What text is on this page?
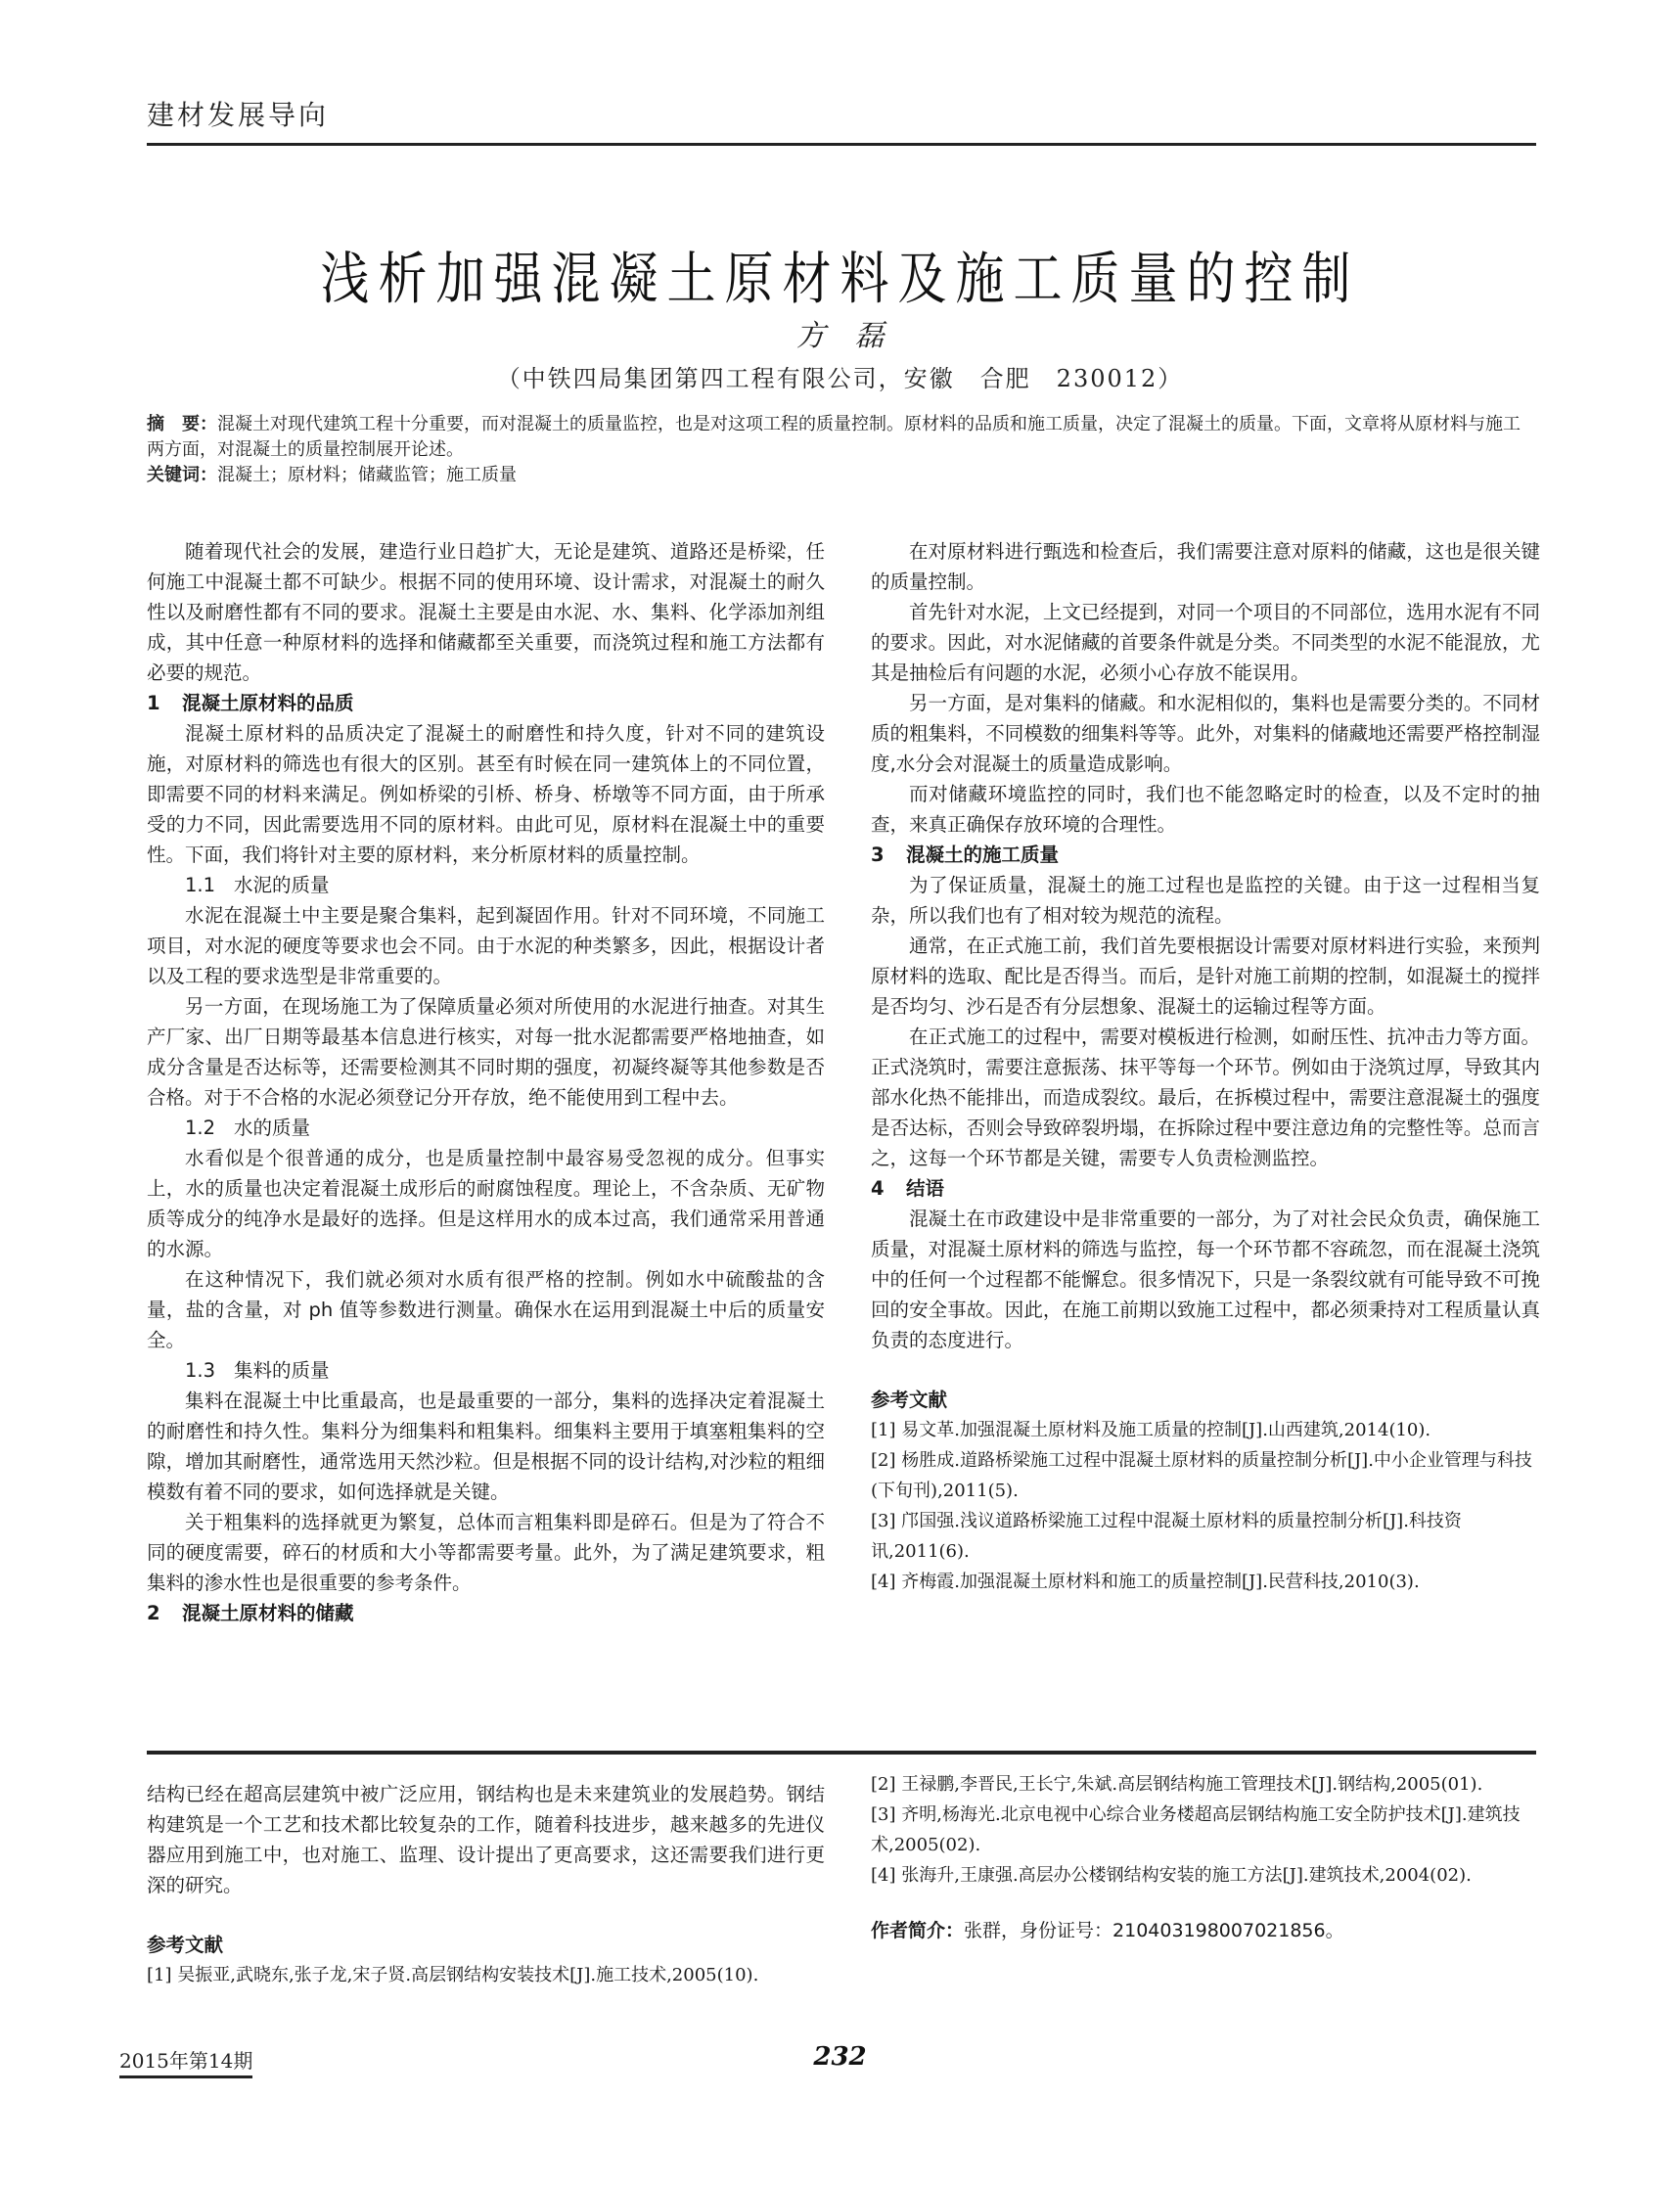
建材发展导向
浅析加强混凝土原材料及施工质量的控制
方磊
（中铁四局集团第四工程有限公司，安徽　合肥　230012）
摘　要：混凝土对现代建筑工程十分重要，而对混凝土的质量监控，也是对这项工程的质量控制。原材料的品质和施工质量，决定了混凝土的质量。下面，文章将从原材料与施工两方面，对混凝土的质量控制展开论述。
关键词：混凝土；原材料；储藏监管；施工质量

随着现代社会的发展，建造行业日趋扩大，无论是建筑、道路还是桥梁，任何施工中混凝土都不可缺少。根据不同的使用环境、设计需求，对混凝土的耐久性以及耐磨性都有不同的要求。混凝土主要是由水泥、水、集料、化学添加剂组成，其中任意一种原材料的选择和储藏都至关重要，而浇筑过程和施工方法都有必要的规范。

1 混凝土原材料的品质

混凝土原材料的品质决定了混凝土的耐磨性和持久度，针对不同的建筑设施，对原材料的筛选也有很大的区别。甚至有时候在同一建筑体上的不同位置，即需要不同的材料来满足。例如桥梁的引桥、桥身、桥墩等不同方面，由于所承受的力不同，因此需要选用不同的原材料。由此可见，原材料在混凝土中的重要性。下面，我们将针对主要的原材料，来分析原材料的质量控制。

1.1 水泥的质量

水泥在混凝土中主要是聚合集料，起到凝固作用。针对不同环境，不同施工项目，对水泥的硬度等要求也会不同。由于水泥的种类繁多，因此，根据设计者以及工程的要求选型是非常重要的。

另一方面，在现场施工为了保障质量必须对所使用的水泥进行抽查。对其生产厂家、出厂日期等最基本信息进行核实，对每一批水泥都需要严格地抽查，如成分含量是否达标等，还需要检测其不同时期的强度，初凝终凝等其他参数是否合格。对于不合格的水泥必须登记分开存放，绝不能使用到工程中去。

1.2 水的质量

水看似是个很普通的成分，也是质量控制中最容易受忽视的成分。但事实上，水的质量也决定着混凝土成形后的耐腐蚀程度。理论上，不含杂质、无矿物质等成分的纯净水是最好的选择。但是这样用水的成本过高，我们通常采用普通的水源。

在这种情况下，我们就必须对水质有很严格的控制。例如水中硫酸盐的含量，盐的含量，对 ph 值等参数进行测量。确保水在运用到混凝土中后的质量安全。

1.3 集料的质量

集料在混凝土中比重最高，也是最重要的一部分，集料的选择决定着混凝土的耐磨性和持久性。集料分为细集料和粗集料。细集料主要用于填塞粗集料的空隙，增加其耐磨性，通常选用天然沙粒。但是根据不同的设计结构,对沙粒的粗细模数有着不同的要求，如何选择就是关键。

关于粗集料的选择就更为繁复，总体而言粗集料即是碎石。但是为了符合不同的硬度需要，碎石的材质和大小等都需要考量。此外，为了满足建筑要求，粗集料的渗水性也是很重要的参考条件。

2 混凝土原材料的储藏

在对原材料进行甄选和检查后，我们需要注意对原料的储藏，这也是很关键的质量控制。

首先针对水泥，上文已经提到，对同一个项目的不同部位，选用水泥有不同的要求。因此，对水泥储藏的首要条件就是分类。不同类型的水泥不能混放，尤其是抽检后有问题的水泥，必须小心存放不能误用。

另一方面，是对集料的储藏。和水泥相似的，集料也是需要分类的。不同材质的粗集料，不同模数的细集料等等。此外，对集料的储藏地还需要严格控制湿度,水分会对混凝土的质量造成影响。

而对储藏环境监控的同时，我们也不能忽略定时的检查，以及不定时的抽查，来真正确保存放环境的合理性。

3 混凝土的施工质量

为了保证质量，混凝土的施工过程也是监控的关键。由于这一过程相当复杂，所以我们也有了相对较为规范的流程。

通常，在正式施工前，我们首先要根据设计需要对原材料进行实验，来预判原材料的选取、配比是否得当。而后，是针对施工前期的控制，如混凝土的搅拌是否均匀、沙石是否有分层想象、混凝土的运输过程等方面。

在正式施工的过程中，需要对模板进行检测，如耐压性、抗冲击力等方面。正式浇筑时，需要注意振荡、抹平等每一个环节。例如由于浇筑过厚，导致其内部水化热不能排出，而造成裂纹。最后，在拆模过程中，需要注意混凝土的强度是否达标，否则会导致碎裂坍塌，在拆除过程中要注意边角的完整性等。总而言之，这每一个环节都是关键，需要专人负责检测监控。

4 结语

混凝土在市政建设中是非常重要的一部分，为了对社会民众负责，确保施工质量，对混凝土原材料的筛选与监控，每一个环节都不容疏忽，而在混凝土浇筑中的任何一个过程都不能懈怠。很多情况下，只是一条裂纹就有可能导致不可挽回的安全事故。因此，在施工前期以致施工过程中，都必须秉持对工程质量认真负责的态度进行。

参考文献

[1] 易文革.加强混凝土原材料及施工质量的控制[J].山西建筑,2014(10).

[2] 杨胜成.道路桥梁施工过程中混凝土原材料的质量控制分析[J].中小企业管理与科技(下旬刊),2011(5).

[3] 邝国强.浅议道路桥梁施工过程中混凝土原材料的质量控制分析[J].科技资讯,2011(6).

[4] 齐梅霞.加强混凝土原材料和施工的质量控制[J].民营科技,2010(3).

结构已经在超高层建筑中被广泛应用，钢结构也是未来建筑业的发展趋势。钢结构建筑是一个工艺和技术都比较复杂的工作，随着科技进步，越来越多的先进仪器应用到施工中，也对施工、监理、设计提出了更高要求，这还需要我们进行更深的研究。

参考文献

[1] 吴振亚,武晓东,张子龙,宋子贤.高层钢结构安装技术[J].施工技术,2005(10).

[2] 王禄鹏,李晋民,王长宁,朱斌.高层钢结构施工管理技术[J].钢结构,2005(01).

[3] 齐明,杨海光.北京电视中心综合业务楼超高层钢结构施工安全防护技术[J].建筑技术,2005(02).

[4] 张海升,王康强.高层办公楼钢结构安装的施工方法[J].建筑技术,2004(02).

作者简介：张群，身份证号：210403198007021856。

2015年第14期	232
